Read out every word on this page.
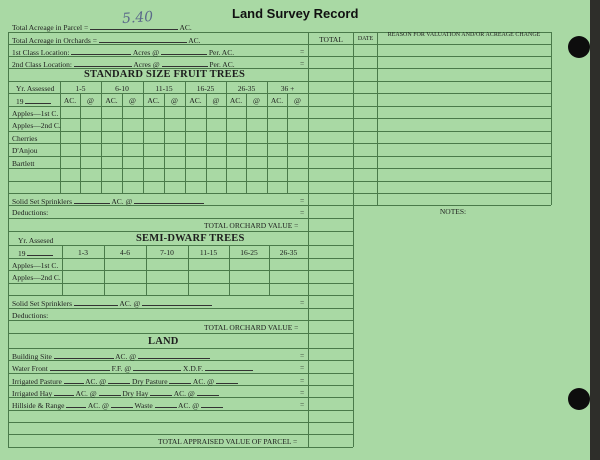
Land Survey Record
5.40
Total Acreage in Parcel =	AC.
Total Acreage in Orchards =	AC.
1st Class Location:	Acres @	Per. AC.	=
2nd Class Location:	Acres @	Per. AC.	=
TOTAL	DATE
REASON FOR VALUATION AND/OR ACREAGE CHANGE
NOTES:
STANDARD SIZE FRUIT TREES
Yr. Assessed	1-5	6-10	11-15	16-25	26-35	36 +
19	AC.	@	AC.	@	AC.	@	AC.	@	AC.	@	AC.	@
Apples—1st C.
Apples—2nd C.
Cherries
D'Anjou
Bartlett
Solid Set Sprinklers	AC. @	=
Deductions:	=
TOTAL ORCHARD VALUE =
Yr. Assesed	SEMI-DWARF TREES
19	1-3	4-6	7-10	11-15	16-25	26-35
Apples—1st C.
Apples—2nd C.
Solid Set Sprinklers	AC. @	=
Deductions:
TOTAL ORCHARD VALUE =
LAND
Building Site	AC. @	=
Water Front	F.F. @	X.D.F.	=
Irrigated Pasture	AC. @	Dry Pasture	AC. @	=
Irrigated Hay	AC. @	Dry Hay	AC. @	=
Hillside & Range	AC. @	Waste	AC. @	=
TOTAL APPRAISED VALUE OF PARCEL =
